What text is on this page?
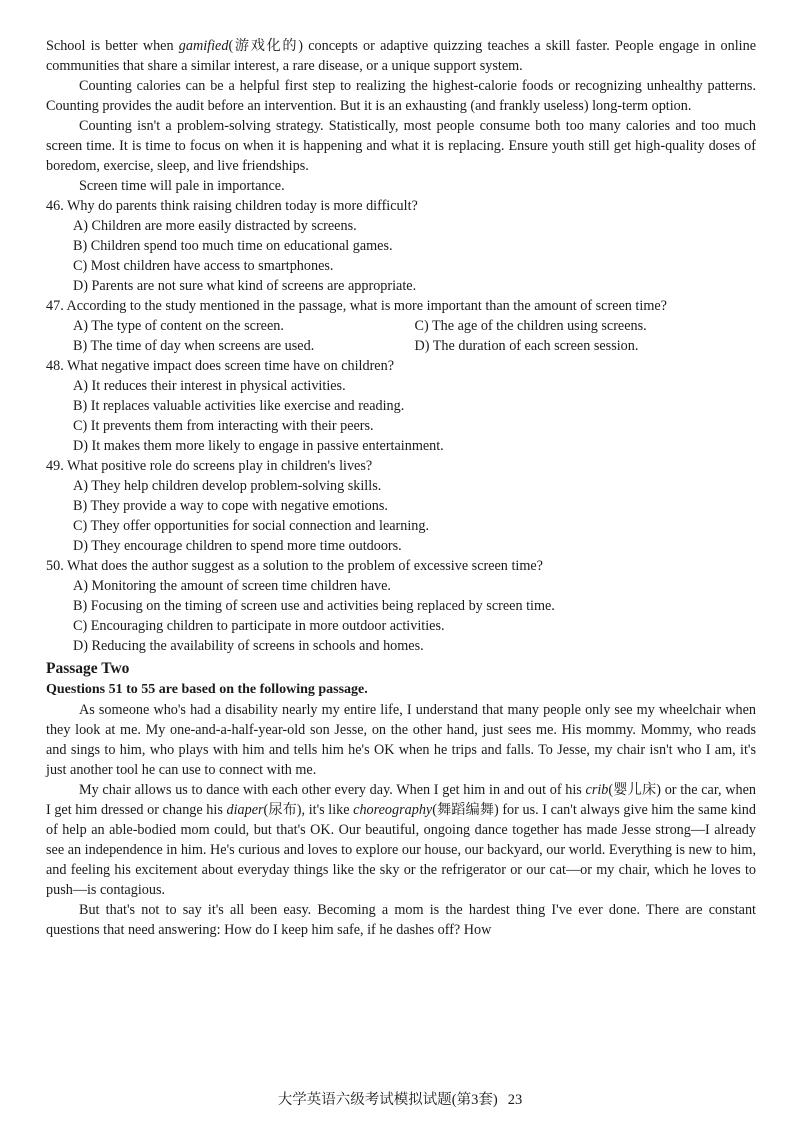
School is better when gamified(游戏化的) concepts or adaptive quizzing teaches a skill faster. People engage in online communities that share a similar interest, a rare disease, or a unique support system.

Counting calories can be a helpful first step to realizing the highest-calorie foods or recognizing unhealthy patterns. Counting provides the audit before an intervention. But it is an exhausting (and frankly useless) long-term option.

Counting isn't a problem-solving strategy. Statistically, most people consume both too many calories and too much screen time. It is time to focus on when it is happening and what it is replacing. Ensure youth still get high-quality doses of boredom, exercise, sleep, and live friendships.

Screen time will pale in importance.

46. Why do parents think raising children today is more difficult?
A) Children are more easily distracted by screens.
B) Children spend too much time on educational games.
C) Most children have access to smartphones.
D) Parents are not sure what kind of screens are appropriate.
47. According to the study mentioned in the passage, what is more important than the amount of screen time?
A) The type of content on the screen.	C) The age of the children using screens.
B) The time of day when screens are used.	D) The duration of each screen session.
48. What negative impact does screen time have on children?
A) It reduces their interest in physical activities.
B) It replaces valuable activities like exercise and reading.
C) It prevents them from interacting with their peers.
D) It makes them more likely to engage in passive entertainment.
49. What positive role do screens play in children's lives?
A) They help children develop problem-solving skills.
B) They provide a way to cope with negative emotions.
C) They offer opportunities for social connection and learning.
D) They encourage children to spend more time outdoors.
50. What does the author suggest as a solution to the problem of excessive screen time?
A) Monitoring the amount of screen time children have.
B) Focusing on the timing of screen use and activities being replaced by screen time.
C) Encouraging children to participate in more outdoor activities.
D) Reducing the availability of screens in schools and homes.
Passage Two
Questions 51 to 55 are based on the following passage.

As someone who's had a disability nearly my entire life, I understand that many people only see my wheelchair when they look at me. My one-and-a-half-year-old son Jesse, on the other hand, just sees me. His mommy. Mommy, who reads and sings to him, who plays with him and tells him he's OK when he trips and falls. To Jesse, my chair isn't who I am, it's just another tool he can use to connect with me.

My chair allows us to dance with each other every day. When I get him in and out of his crib(婴儿床) or the car, when I get him dressed or change his diaper(尿布), it's like choreography(舞蹈编舞) for us. I can't always give him the same kind of help an able-bodied mom could, but that's OK. Our beautiful, ongoing dance together has made Jesse strong—I already see an independence in him. He's curious and loves to explore our house, our backyard, our world. Everything is new to him, and feeling his excitement about everyday things like the sky or the refrigerator or our cat—or my chair, which he loves to push—is contagious.

But that's not to say it's all been easy. Becoming a mom is the hardest thing I've ever done. There are constant questions that need answering: How do I keep him safe, if he dashes off? How

大学英语六级考试模拟试题(第3套) 23
